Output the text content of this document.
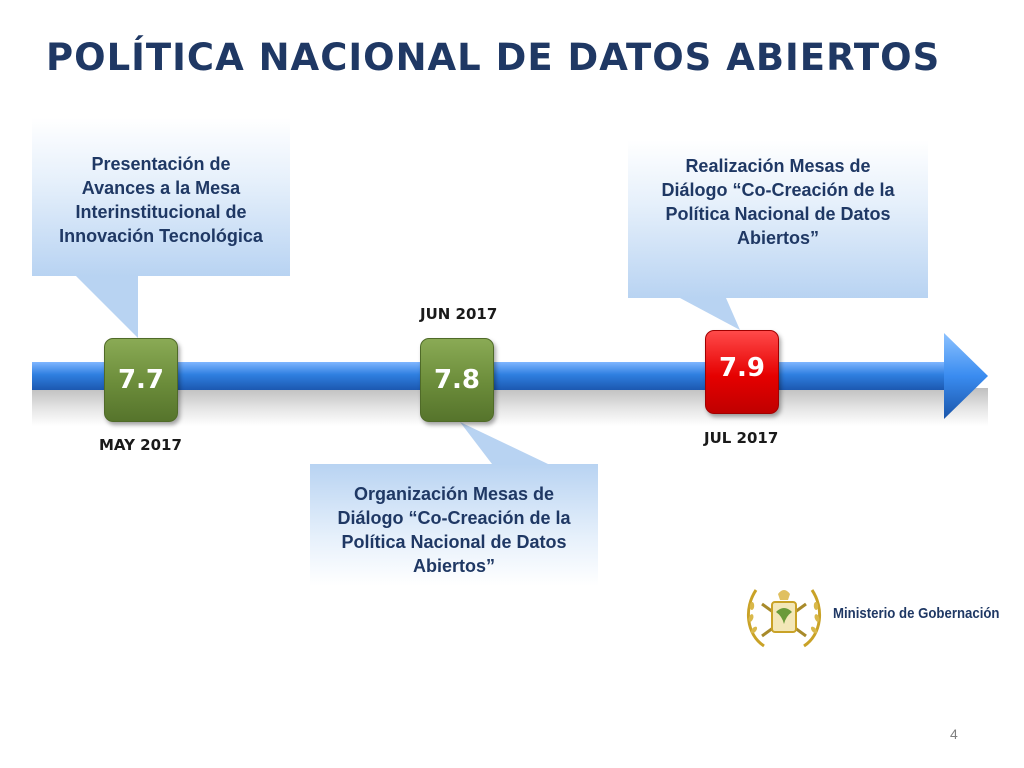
POLÍTICA NACIONAL DE DATOS ABIERTOS
Presentación de
Avances a la Mesa
Interinstitucional de
Innovación Tecnológica
Realización Mesas de
Diálogo “Co-Creación de la
Política Nacional de Datos
Abiertos”
Organización Mesas de
Diálogo “Co-Creación de la
Política Nacional de Datos
Abiertos”
7.7	7.8	7.9
MAY 2017
JUN 2017
JUL 2017
Ministerio de Gobernación
4
